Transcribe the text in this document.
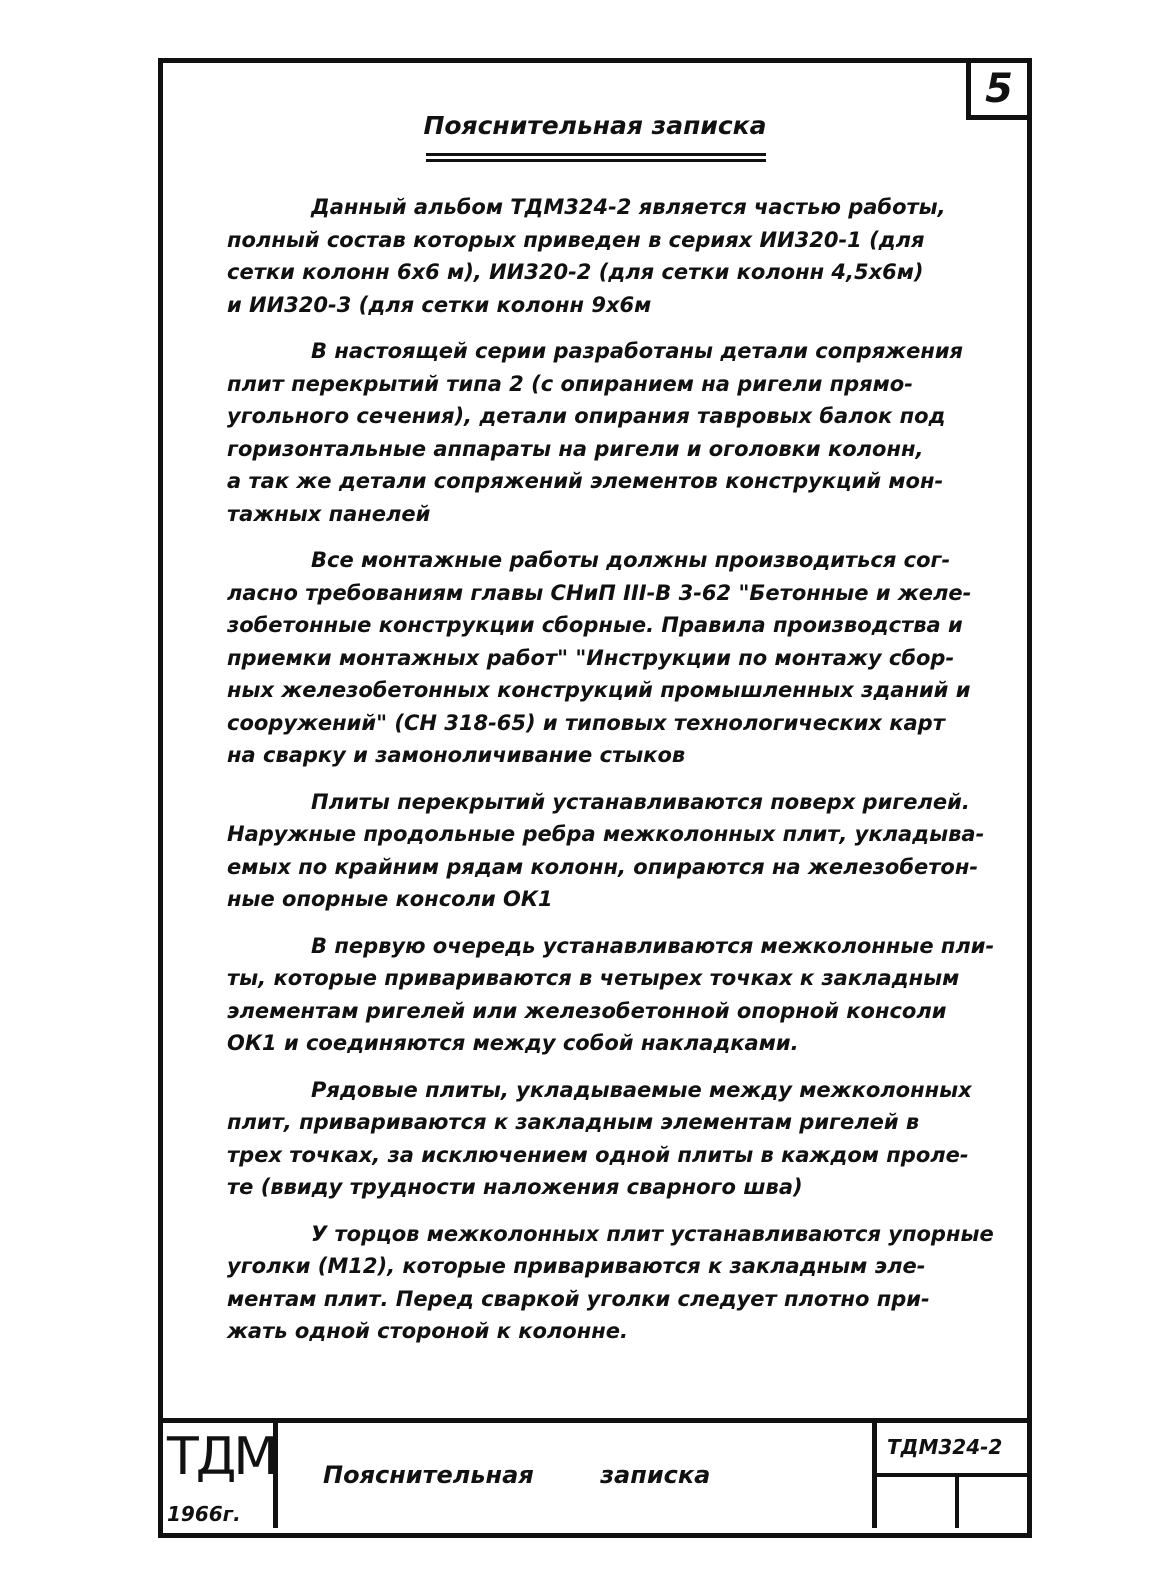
5
Пояснительная записка
Данный альбом ТДМ324-2 является частью работы,
полный состав которых приведен в сериях ИИ320-1 (для
сетки колонн 6х6 м), ИИ320-2 (для сетки колонн 4,5х6м)
и ИИ320-3 (для сетки колонн 9х6м
В настоящей серии разработаны детали сопряжения
плит перекрытий типа 2 (с опиранием на ригели прямо-
угольного сечения), детали опирания тавровых балок под
горизонтальные аппараты на ригели и оголовки колонн,
а так же детали сопряжений элементов конструкций мон-
тажных панелей
Все монтажные работы должны производиться сог-
ласно требованиям главы СНиП III-В 3-62 "Бетонные и желе-
зобетонные конструкции сборные. Правила производства и
приемки монтажных работ" "Инструкции по монтажу сбор-
ных железобетонных конструкций промышленных зданий и
сооружений" (СН 318-65) и типовых технологических карт
на сварку и замоноличивание стыков
Плиты перекрытий устанавливаются поверх ригелей.
Наружные продольные ребра межколонных плит, укладыва-
емых по крайним рядам колонн, опираются на железобетон-
ные опорные консоли ОК1
В первую очередь устанавливаются межколонные пли-
ты, которые привариваются в четырех точках к закладным
элементам ригелей или железобетонной опорной консоли
ОК1 и соединяются между собой накладками.
Рядовые плиты, укладываемые между межколонных
плит, привариваются к закладным элементам ригелей в
трех точках, за исключением одной плиты в каждом проле-
те (ввиду трудности наложения сварного шва)
У торцов межколонных плит устанавливаются упорные
уголки (М12), которые привариваются к закладным эле-
ментам плит. Перед сваркой уголки следует плотно при-
жать одной стороной к колонне.
ТДМ
1966г.
Пояснительная записка
ТДМ324-2
